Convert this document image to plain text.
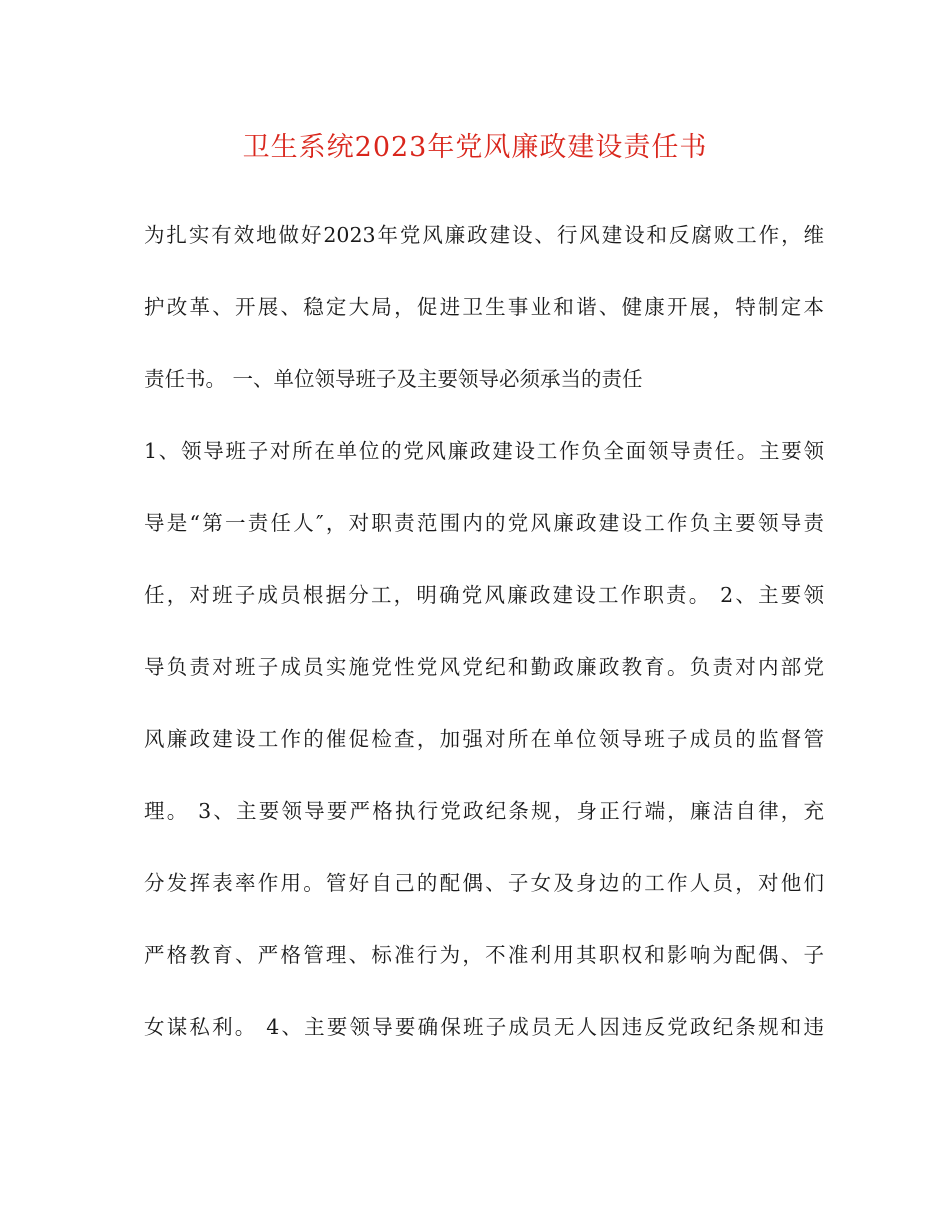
卫生系统2023年党风廉政建设责任书
为扎实有效地做好2023年党风廉政建设、行风建设和反腐败工作，维
护改革、开展、稳定大局，促进卫生事业和谐、健康开展，特制定本
责任书。 一、单位领导班子及主要领导必须承当的责任
1、领导班子对所在单位的党风廉政建设工作负全面领导责任。主要领
导是“第一责任人″，对职责范围内的党风廉政建设工作负主要领导责
任，对班子成员根据分工，明确党风廉政建设工作职责。 2、主要领
导负责对班子成员实施党性党风党纪和勤政廉政教育。负责对内部党
风廉政建设工作的催促检查，加强对所在单位领导班子成员的监督管
理。 3、主要领导要严格执行党政纪条规，身正行端，廉洁自律，充
分发挥表率作用。管好自己的配偶、子女及身边的工作人员，对他们
严格教育、严格管理、标准行为，不准利用其职权和影响为配偶、子
女谋私利。 4、主要领导要确保班子成员无人因违反党政纪条规和违
